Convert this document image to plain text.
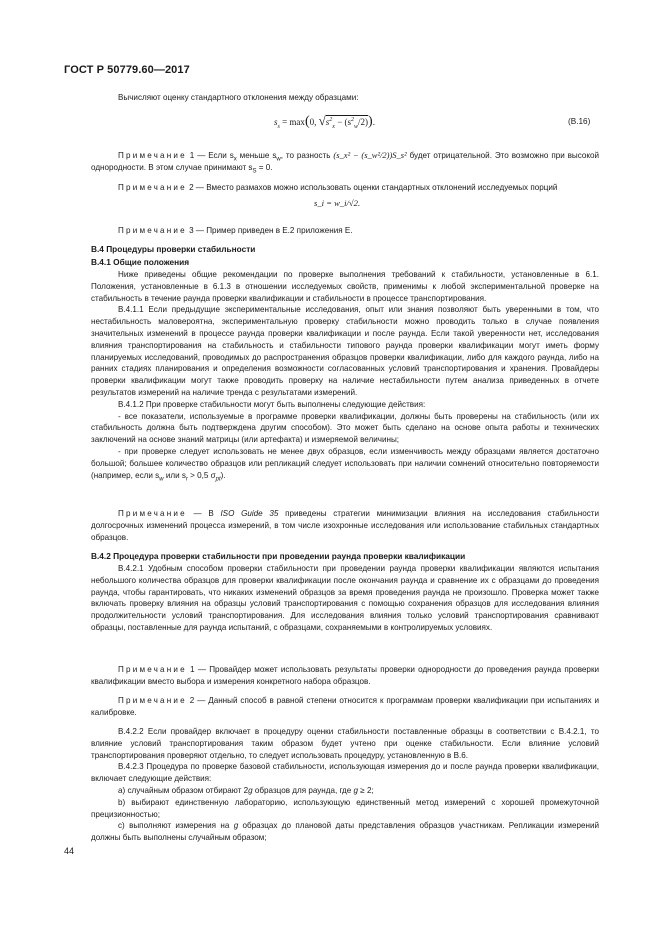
ГОСТ Р 50779.60—2017

Вычисляют оценку стандартного отклонения между образцами:

$s_s = \max(0$, $√s^2_x - (s^2_w/2)$).	(B.16)

Примечание 1 — Если $s_x$ меньше $s_w$, то разность (s_x² − (s_w²/2))S_s² будет отрицательной. Это возможно при высокой однородности. В этом случае принимают $s_S = 0$.

Примечание 2 — Вместо размахов можно использовать оценки стандартных отклонений исследуемых порций

s_i = w_i/√2.

Примечание 3 — Пример приведен в Е.2 приложения Е.

В.4 Процедуры проверки стабильности
В.4.1 Общие положения

Ниже приведены общие рекомендации по проверке выполнения требований к стабильности, установленные в 6.1. Положения, установленные в 6.1.3 в отношении исследуемых свойств, применимы к любой экспериментальной проверке на стабильность в течение раунда проверки квалификации и стабильности в процессе транспортирования.

В.4.1.1 Если предыдущие экспериментальные исследования, опыт или знания позволяют быть уверенными в том, что нестабильность маловероятна, экспериментальную проверку стабильности можно проводить только в случае появления значительных изменений в процессе раунда проверки квалификации и после раунда. Если такой уверенности нет, исследования влияния транспортирования на стабильность и стабильности типового раунда проверки квалификации могут иметь форму планируемых исследований, проводимых до распространения образцов проверки квалификации, либо для каждого раунда, либо на ранних стадиях планирования и определения возможности согласованных условий транспортирования и хранения. Провайдеры проверки квалификации могут также проводить проверку на наличие нестабильности путем анализа приведенных в отчете результатов измерений на наличие тренда с результатами измерений.

В.4.1.2 При проверке стабильности могут быть выполнены следующие действия:

- все показатели, используемые в программе проверки квалификации, должны быть проверены на стабильность (или их стабильность должна быть подтверждена другим способом). Это может быть сделано на основе опыта работы и технических заключений на основе знаний матрицы (или артефакта) и измеряемой величины;

- при проверке следует использовать не менее двух образцов, если изменчивость между образцами является достаточно большой; большее количество образцов или репликаций следует использовать при наличии сомнений относительно повторяемости (например, если $s_w$ или $s_r > 0,5$ $\sigma_{pt}$).

Примечание — В ISO Guide 35 приведены стратегии минимизации влияния на исследования стабильности долгосрочных изменений процесса измерений, в том числе изохронные исследования или использование стабильных стандартных образцов.

В.4.2 Процедура проверки стабильности при проведении раунда проверки квалификации

В.4.2.1 Удобным способом проверки стабильности при проведении раунда проверки квалификации являются испытания небольшого количества образцов для проверки квалификации после окончания раунда и сравнение их с образцами до проведения раунда, чтобы гарантировать, что никаких изменений образцов за время проведения раунда не произошло. Проверка может также включать проверку влияния на образцы условий транспортирования с помощью сохранения образцов для исследования влияния продолжительности условий транспортирования. Для исследования влияния только условий транспортирования сравнивают образцы, поставленные для раунда испытаний, с образцами, сохраняемыми в контролируемых условиях.

Примечание 1 — Провайдер может использовать результаты проверки однородности до проведения раунда проверки квалификации вместо выбора и измерения конкретного набора образцов.

Примечание 2 — Данный способ в равной степени относится к программам проверки квалификации при испытаниях и калибровке.

В.4.2.2 Если провайдер включает в процедуру оценки стабильности поставленные образцы в соответствии с В.4.2.1, то влияние условий транспортирования таким образом будет учтено при оценке стабильности. Если влияние условий транспортирования проверяют отдельно, то следует использовать процедуру, установленную в В.6.

В.4.2.3 Процедура по проверке базовой стабильности, использующая измерения до и после раунда проверки квалификации, включает следующие действия:

а) случайным образом отбирают 2g образцов для раунда, где g ≥ 2;

b) выбирают единственную лабораторию, использующую единственный метод измерений с хорошей промежуточной прецизионностью;

с) выполняют измерения на g образцах до плановой даты представления образцов участникам. Репликации измерений должны быть выполнены случайным образом;

44
